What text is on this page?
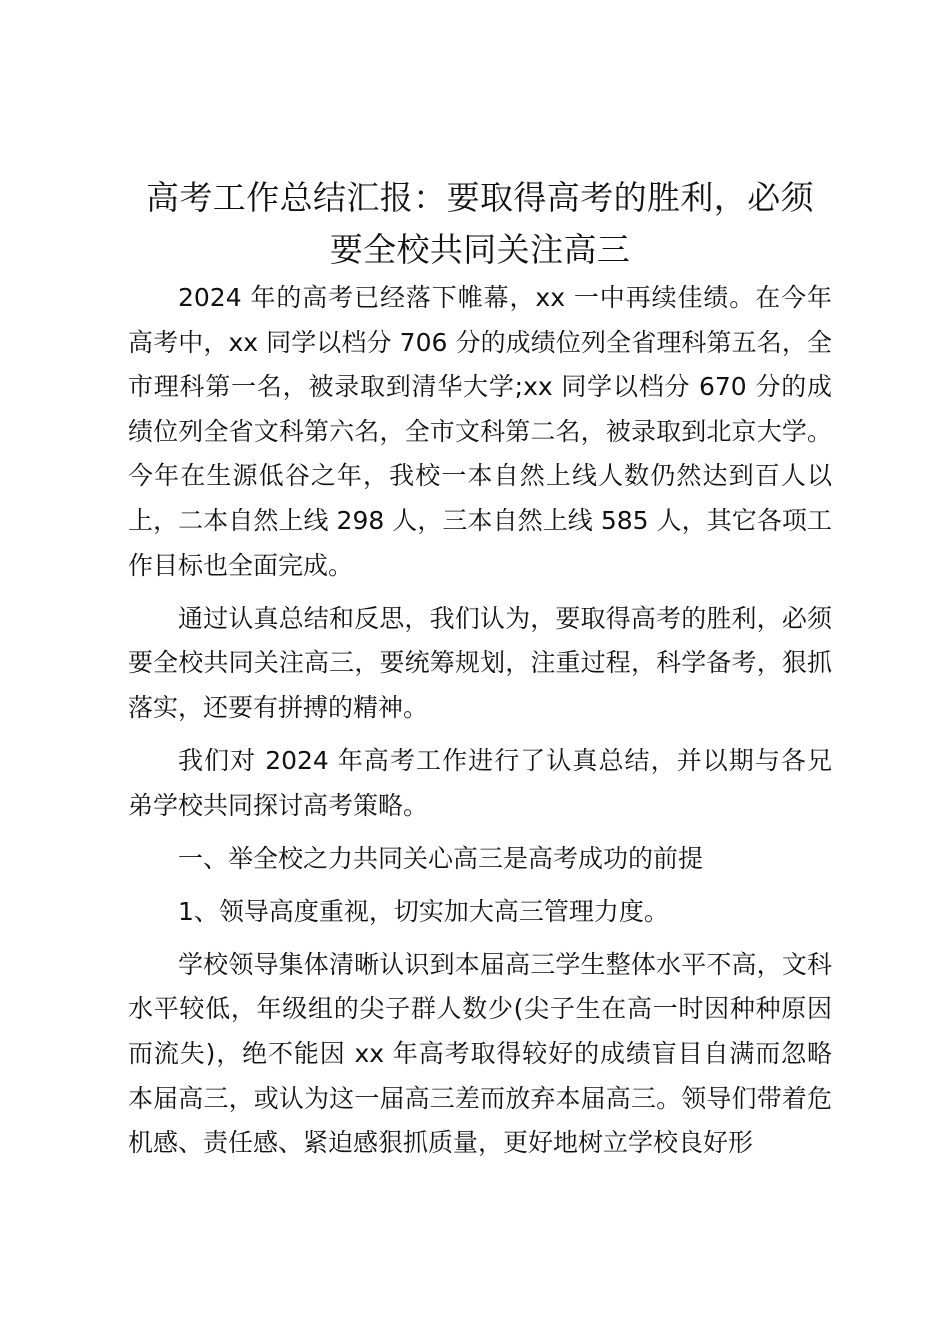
高考工作总结汇报：要取得高考的胜利，必须
要全校共同关注高三

2024 年的高考已经落下帷幕，xx 一中再续佳绩。在今年高考中，xx 同学以档分 706 分的成绩位列全省理科第五名，全市理科第一名，被录取到清华大学;xx 同学以档分 670 分的成绩位列全省文科第六名，全市文科第二名，被录取到北京大学。今年在生源低谷之年，我校一本自然上线人数仍然达到百人以上，二本自然上线 298 人，三本自然上线 585 人，其它各项工作目标也全面完成。

通过认真总结和反思，我们认为，要取得高考的胜利，必须要全校共同关注高三，要统筹规划，注重过程，科学备考，狠抓落实，还要有拼搏的精神。

我们对 2024 年高考工作进行了认真总结，并以期与各兄弟学校共同探讨高考策略。

一、举全校之力共同关心高三是高考成功的前提

1、领导高度重视，切实加大高三管理力度。

学校领导集体清晰认识到本届高三学生整体水平不高，文科水平较低，年级组的尖子群人数少(尖子生在高一时因种种原因而流失)，绝不能因 xx 年高考取得较好的成绩盲目自满而忽略本届高三，或认为这一届高三差而放弃本届高三。领导们带着危机感、责任感、紧迫感狠抓质量，更好地树立学校良好形
